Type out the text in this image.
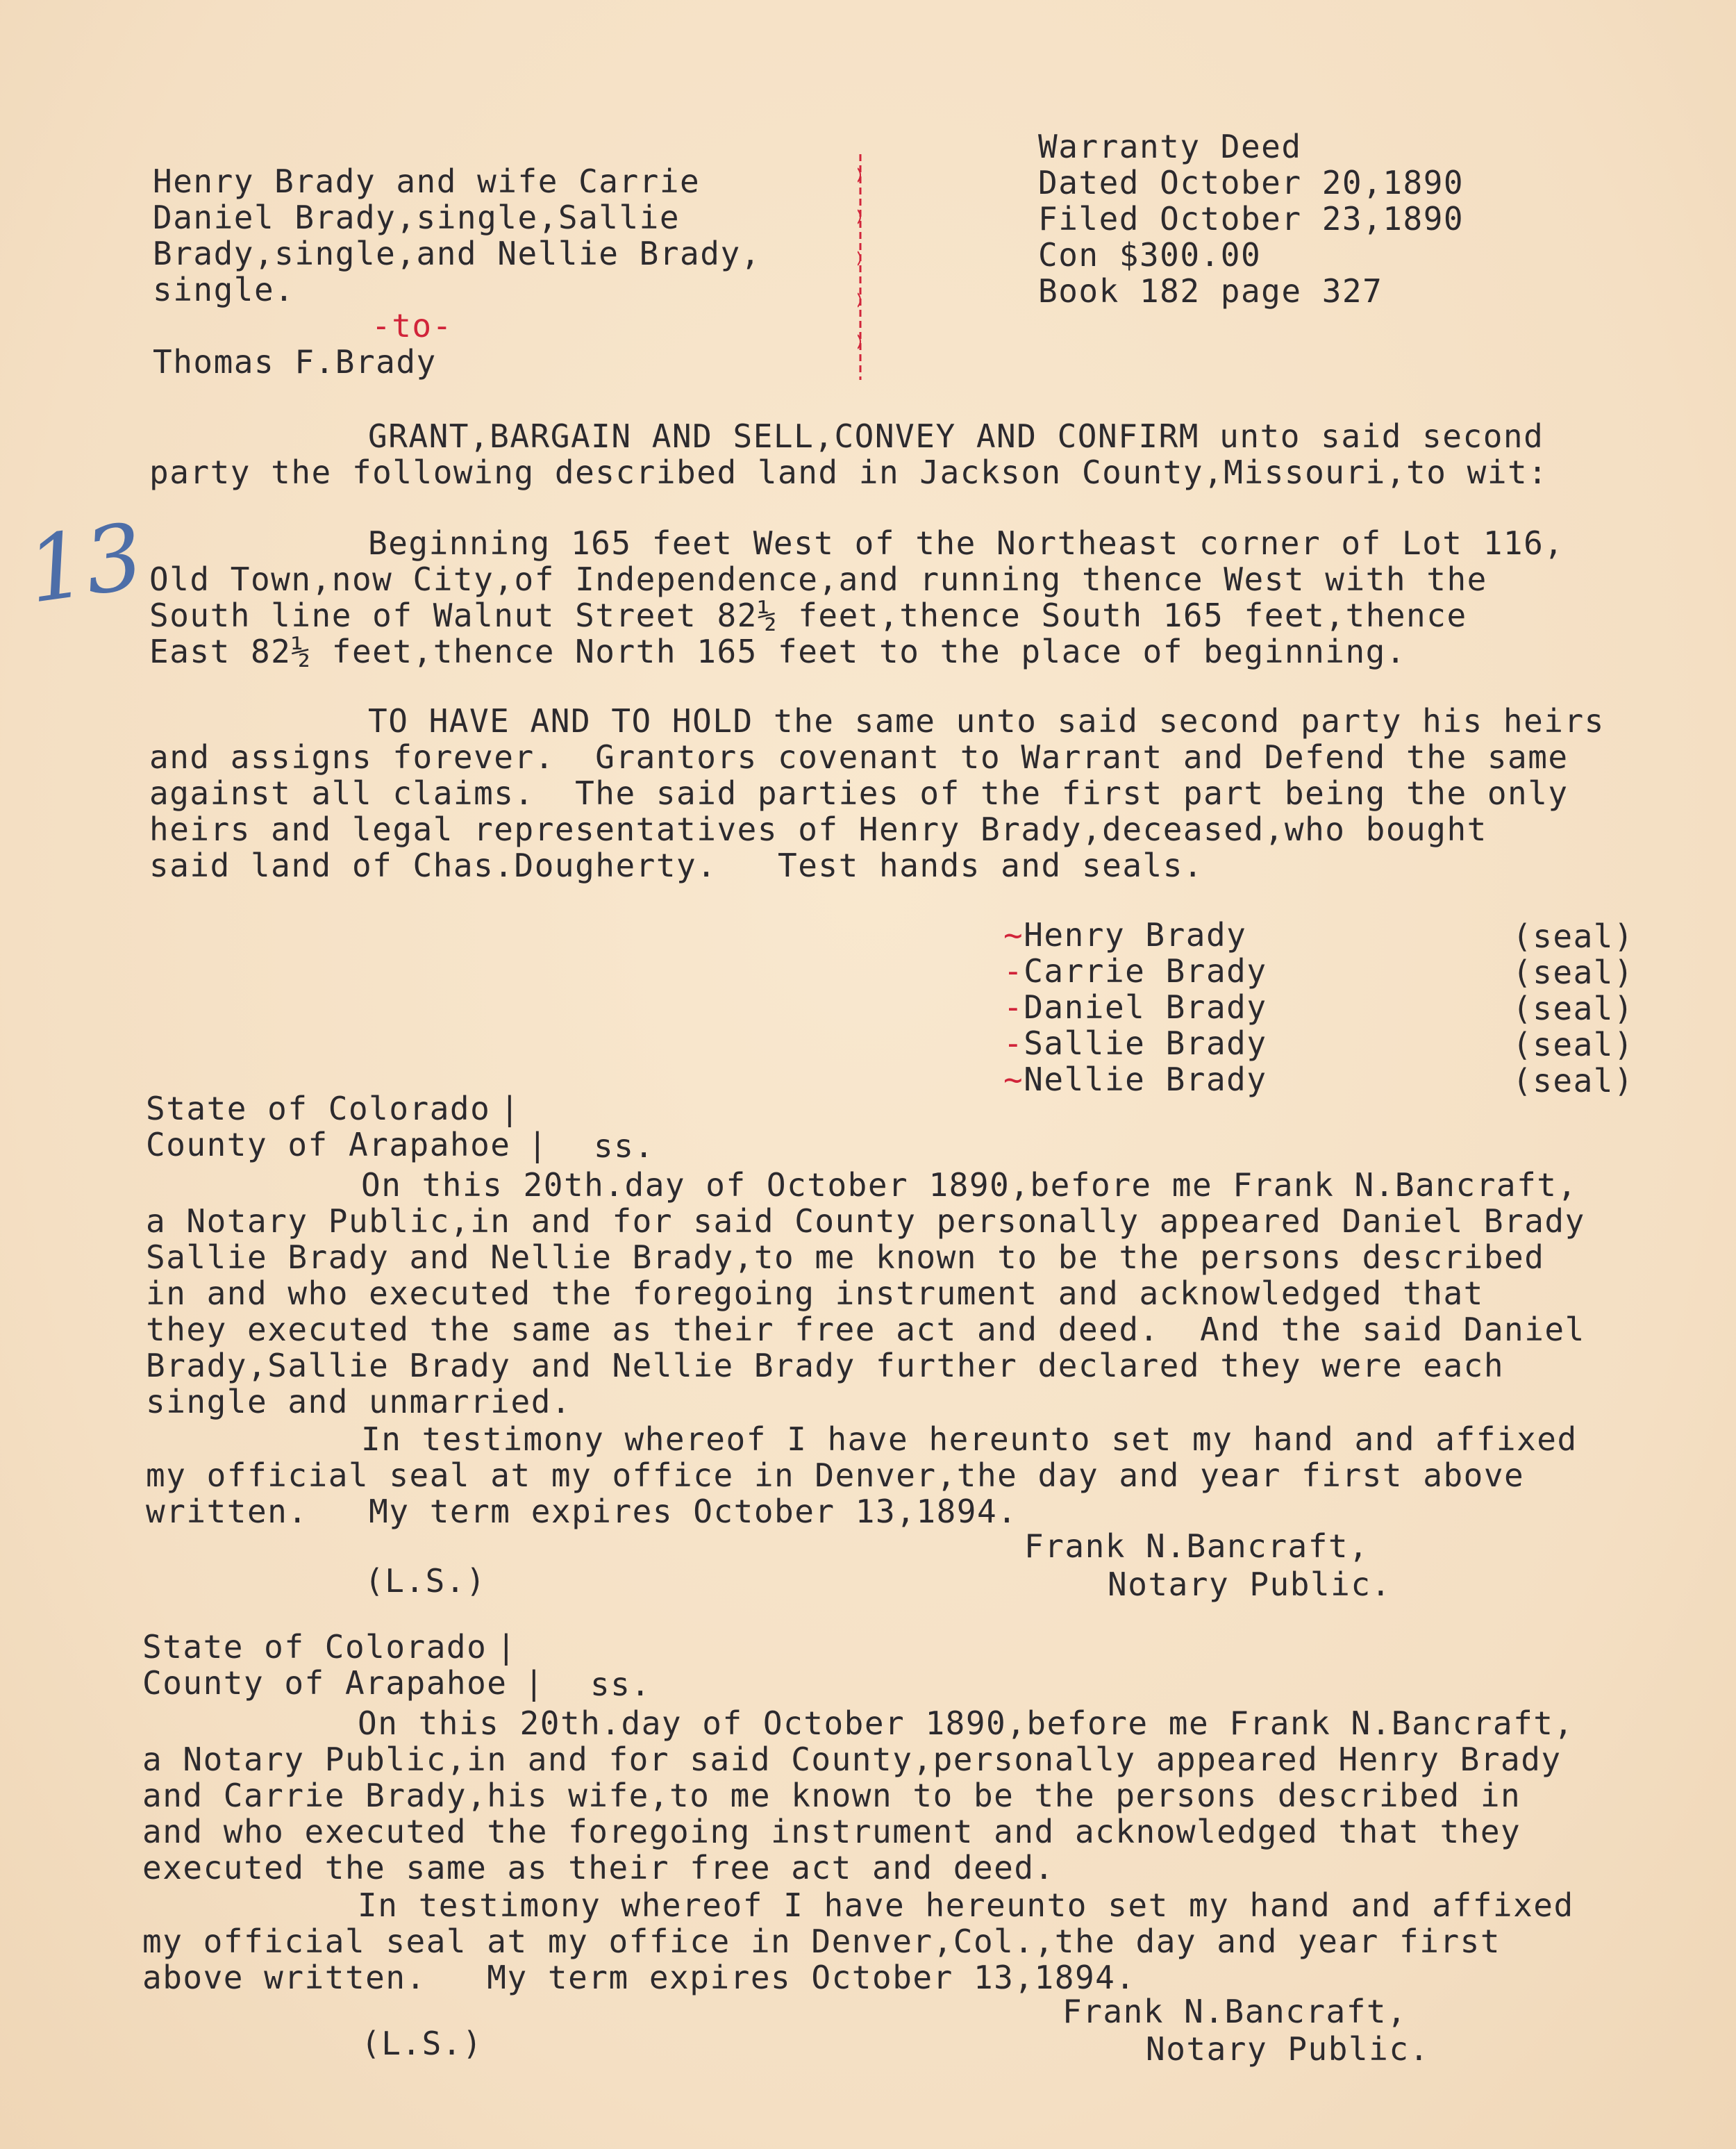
13
Henry Brady and wife Carrie
Daniel Brady,single,Sallie
Brady,single,and Nellie Brady,
single.
-to-
Thomas F.Brady
Warranty Deed
Dated October 20,1890
Filed October 23,1890
Con $300.00
Book 182 page 327
GRANT,BARGAIN AND SELL,CONVEY AND CONFIRM unto said second
party the following described land in Jackson County,Missouri,to wit:
Beginning 165 feet West of the Northeast corner of Lot 116,
Old Town,now City,of Independence,and running thence West with the
South line of Walnut Street 82½ feet,thence South 165 feet,thence
East 82½ feet,thence North 165 feet to the place of beginning.
TO HAVE AND TO HOLD the same unto said second party his heirs
and assigns forever.  Grantors covenant to Warrant and Defend the same
against all claims.  The said parties of the first part being the only
heirs and legal representatives of Henry Brady,deceased,who bought
said land of Chas.Dougherty.   Test hands and seals.
~Henry Brady	(seal)
-Carrie Brady	(seal)
-Daniel Brady	(seal)
-Sallie Brady	(seal)
~Nellie Brady	(seal)
State of Colorado |
County of Arapahoe | ss.
On this 20th.day of October 1890,before me Frank N.Bancraft,
a Notary Public,in and for said County personally appeared Daniel Brady
Sallie Brady and Nellie Brady,to me known to be the persons described
in and who executed the foregoing instrument and acknowledged that
they executed the same as their free act and deed.  And the said Daniel
Brady,Sallie Brady and Nellie Brady further declared they were each
single and unmarried.
In testimony whereof I have hereunto set my hand and affixed
my official seal at my office in Denver,the day and year first above
written.   My term expires October 13,1894.
Frank N.Bancraft,
(L.S.)	Notary Public.
State of Colorado |
County of Arapahoe | ss.
On this 20th.day of October 1890,before me Frank N.Bancraft,
a Notary Public,in and for said County,personally appeared Henry Brady
and Carrie Brady,his wife,to me known to be the persons described in
and who executed the foregoing instrument and acknowledged that they
executed the same as their free act and deed.
In testimony whereof I have hereunto set my hand and affixed
my official seal at my office in Denver,Col.,the day and year first
above written.   My term expires October 13,1894.
Frank N.Bancraft,
(L.S.)	Notary Public.
